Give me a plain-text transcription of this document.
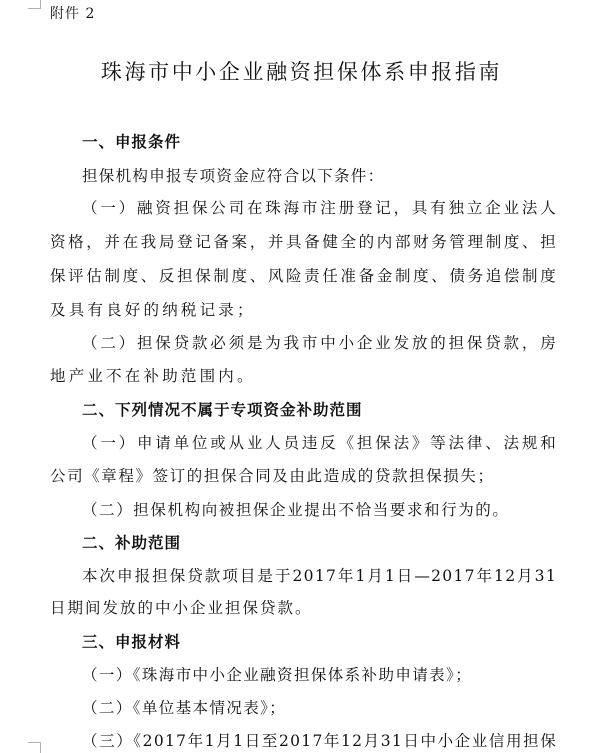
附件 2
珠海市中小企业融资担保体系申报指南
一、申报条件
担保机构申报专项资金应符合以下条件：
（一）融资担保公司在珠海市注册登记，具有独立企业法人
资格，并在我局登记备案，并具备健全的内部财务管理制度、担
保评估制度、反担保制度、风险责任准备金制度、债务追偿制度
及具有良好的纳税记录；
（二）担保贷款必须是为我市中小企业发放的担保贷款，房
地产业不在补助范围内。
二、下列情况不属于专项资金补助范围
（一）申请单位或从业人员违反《担保法》等法律、法规和
公司《章程》签订的担保合同及由此造成的贷款担保损失；
（二）担保机构向被担保企业提出不恰当要求和行为的。
二、补助范围
本次申报担保贷款项目是于2017年1月1日—2017年12月31
日期间发放的中小企业担保贷款。
三、申报材料
（一）《珠海市中小企业融资担保体系补助申请表》；
（二）《单位基本情况表》；
（三）《2017年1月1日至2017年12月31日中小企业信用担保
